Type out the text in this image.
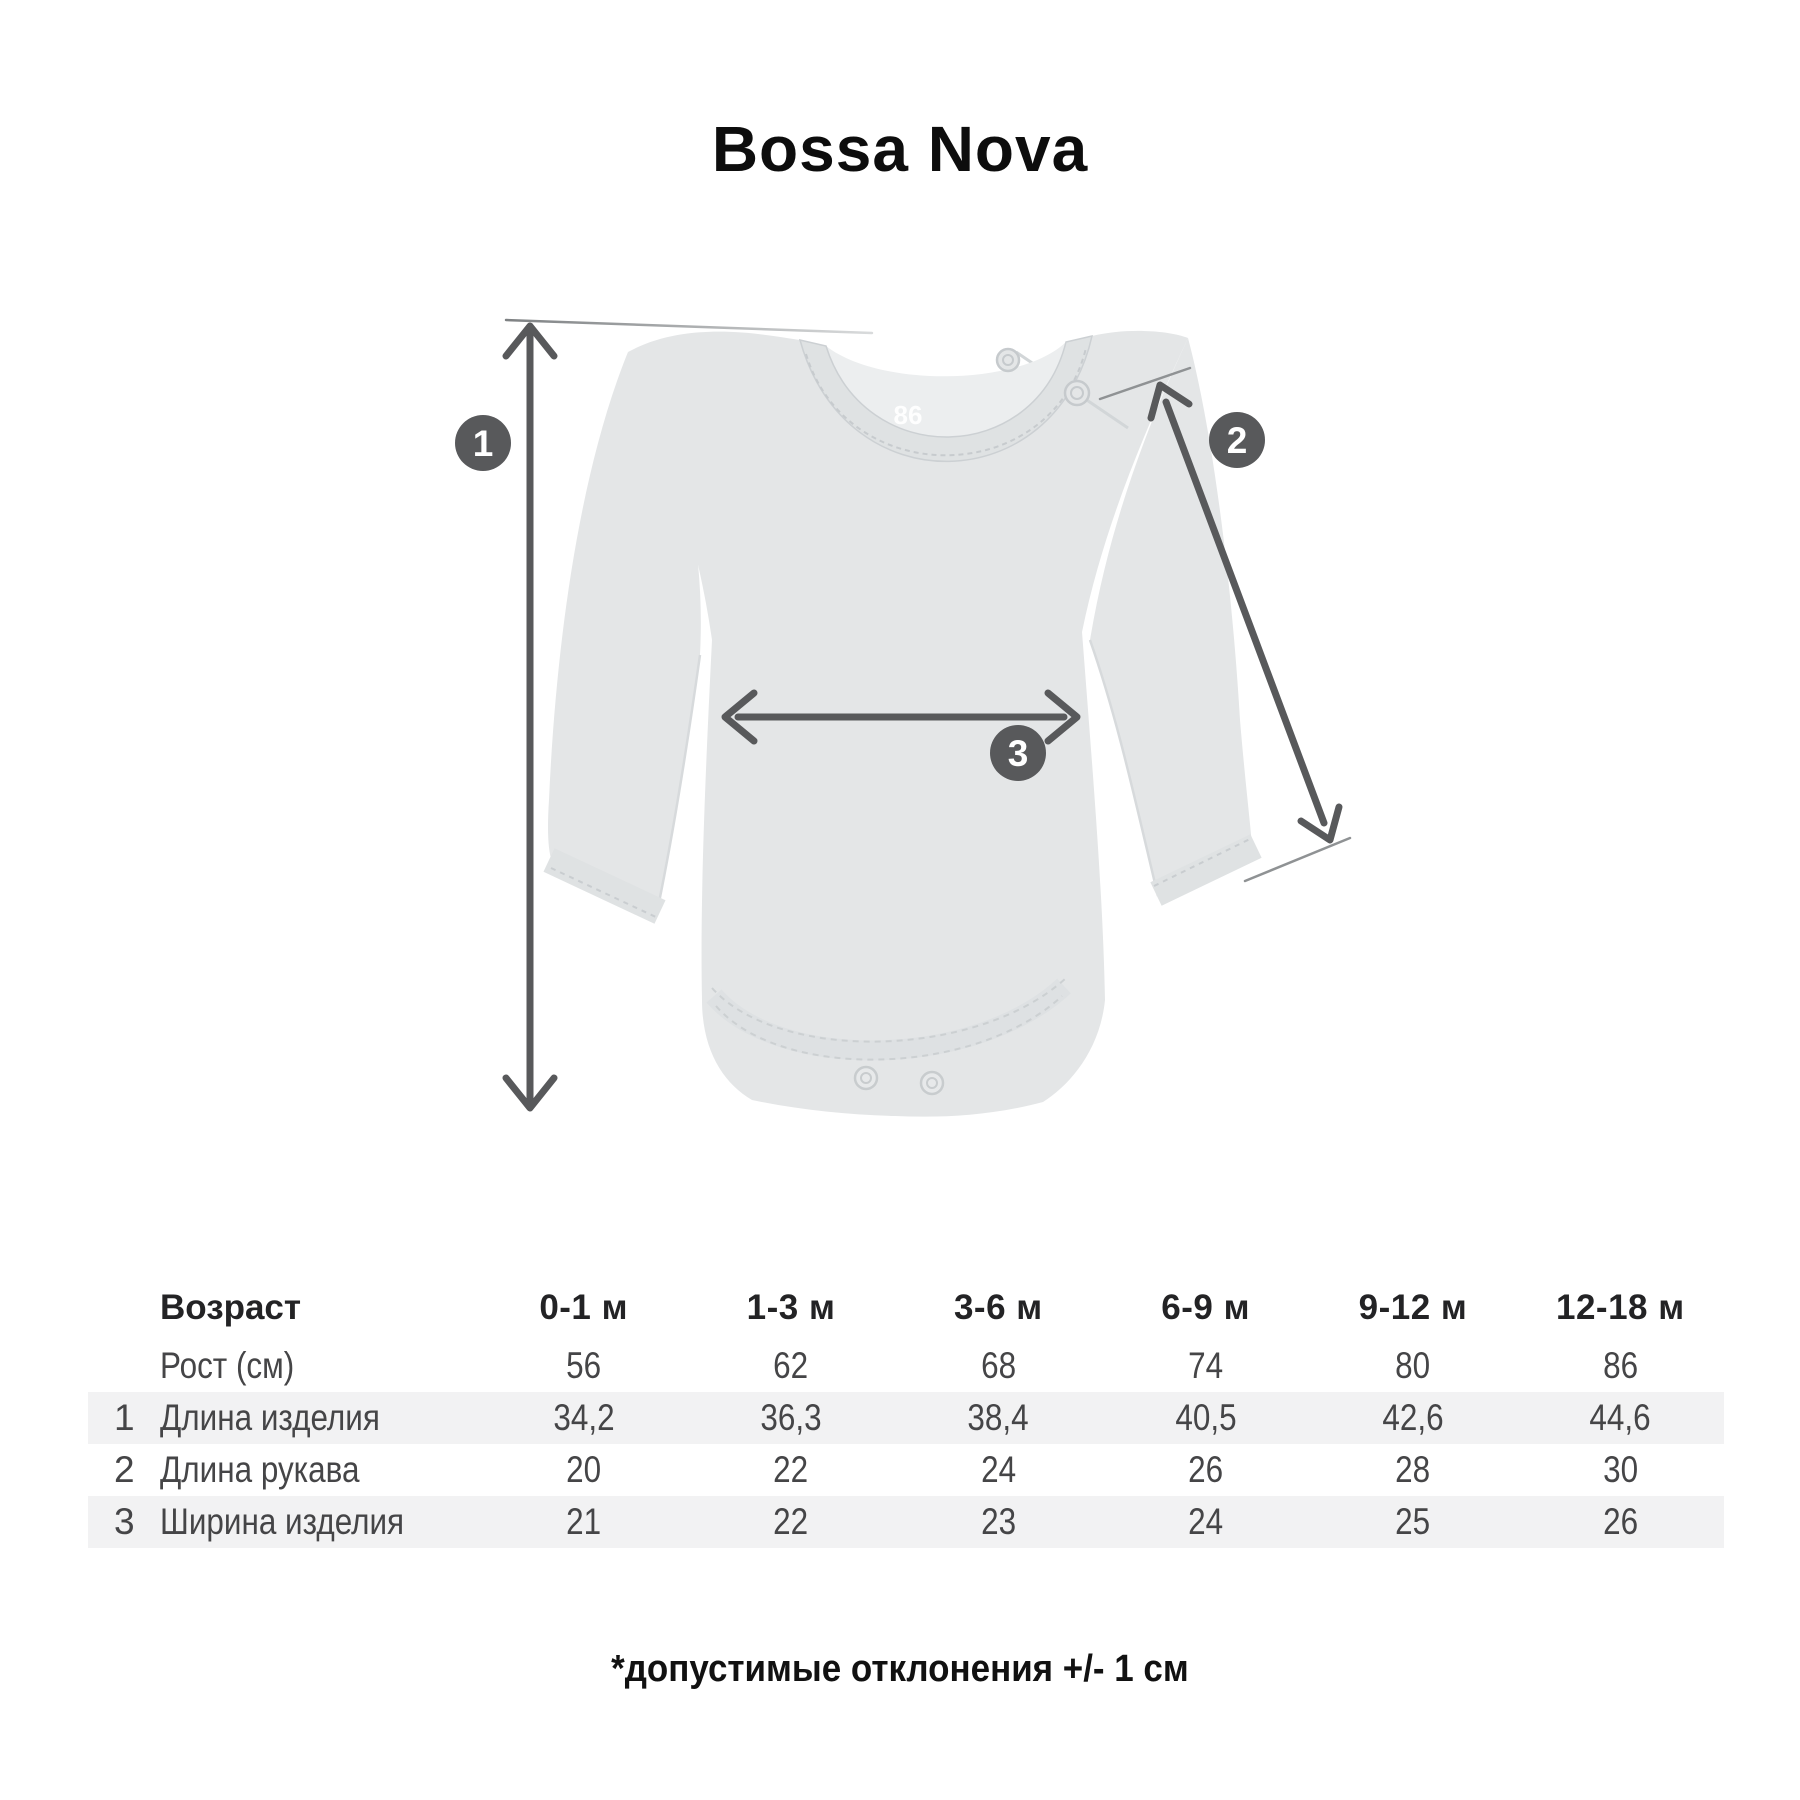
Bossa Nova
86
1	2
3
Возраст	0-1 м	1-3 м	3-6 м	6-9 м	9-12 м	12-18 м
Рост (см)	56	62	68	74	80	86
1 Длина изделия	34,2	36,3	38,4	40,5	42,6	44,6
2 Длина рукава	20	22	24	26	28	30
3 Ширина изделия	21	22	23	24	25	26
*допустимые отклонения +/- 1 см
